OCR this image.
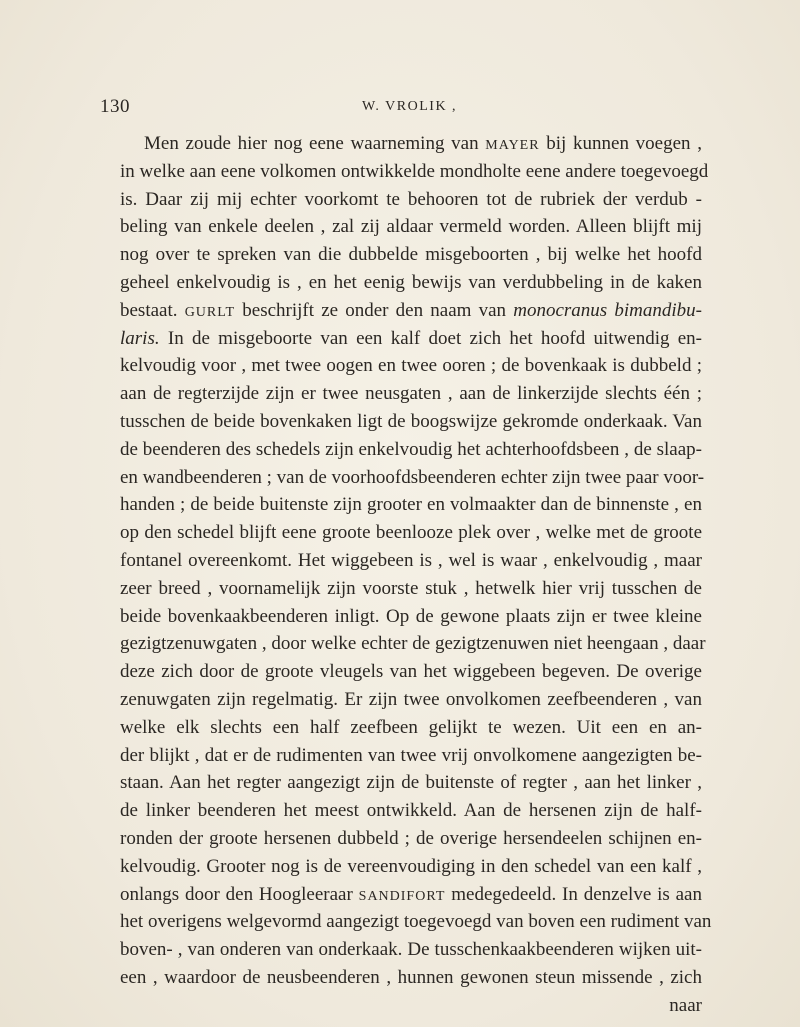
130	W. VROLIK ,
Men zoude hier nog eene waarneming van MAYER bij kunnen voegen ,
in welke aan eene volkomen ontwikkelde mondholte eene andere toegevoegd
is. Daar zij mij echter voorkomt te behooren tot de rubriek der verdub -
beling van enkele deelen , zal zij aldaar vermeld worden. Alleen blijft mij
nog over te spreken van die dubbelde misgeboorten , bij welke het hoofd
geheel enkelvoudig is , en het eenig bewijs van verdubbeling in de kaken
bestaat. GURLT beschrijft ze onder den naam van monocranus bimandibu-
laris. In de misgeboorte van een kalf doet zich het hoofd uitwendig en-
kelvoudig voor , met twee oogen en twee ooren ; de bovenkaak is dubbeld ;
aan de regterzijde zijn er twee neusgaten , aan de linkerzijde slechts één ;
tusschen de beide bovenkaken ligt de boogswijze gekromde onderkaak. Van
de beenderen des schedels zijn enkelvoudig het achterhoofdsbeen , de slaap-
en wandbeenderen ; van de voorhoofdsbeenderen echter zijn twee paar voor-
handen ; de beide buitenste zijn grooter en volmaakter dan de binnenste , en
op den schedel blijft eene groote beenlooze plek over , welke met de groote
fontanel overeenkomt. Het wiggebeen is , wel is waar , enkelvoudig , maar
zeer breed , voornamelijk zijn voorste stuk , hetwelk hier vrij tusschen de
beide bovenkaakbeenderen inligt. Op de gewone plaats zijn er twee kleine
gezigtzenuwgaten , door welke echter de gezigtzenuwen niet heengaan , daar
deze zich door de groote vleugels van het wiggebeen begeven. De overige
zenuwgaten zijn regelmatig. Er zijn twee onvolkomen zeefbeenderen , van
welke elk slechts een half zeefbeen gelijkt te wezen. Uit een en an-
der blijkt , dat er de rudimenten van twee vrij onvolkomene aangezigten be-
staan. Aan het regter aangezigt zijn de buitenste of regter , aan het linker ,
de linker beenderen het meest ontwikkeld. Aan de hersenen zijn de half-
ronden der groote hersenen dubbeld ; de overige hersendeelen schijnen en-
kelvoudig. Grooter nog is de vereenvoudiging in den schedel van een kalf ,
onlangs door den Hoogleeraar SANDIFORT medegedeeld. In denzelve is aan
het overigens welgevormd aangezigt toegevoegd van boven een rudiment van
boven- , van onderen van onderkaak. De tusschenkaakbeenderen wijken uit-
een , waardoor de neusbeenderen , hunnen gewonen steun missende , zich
naar
